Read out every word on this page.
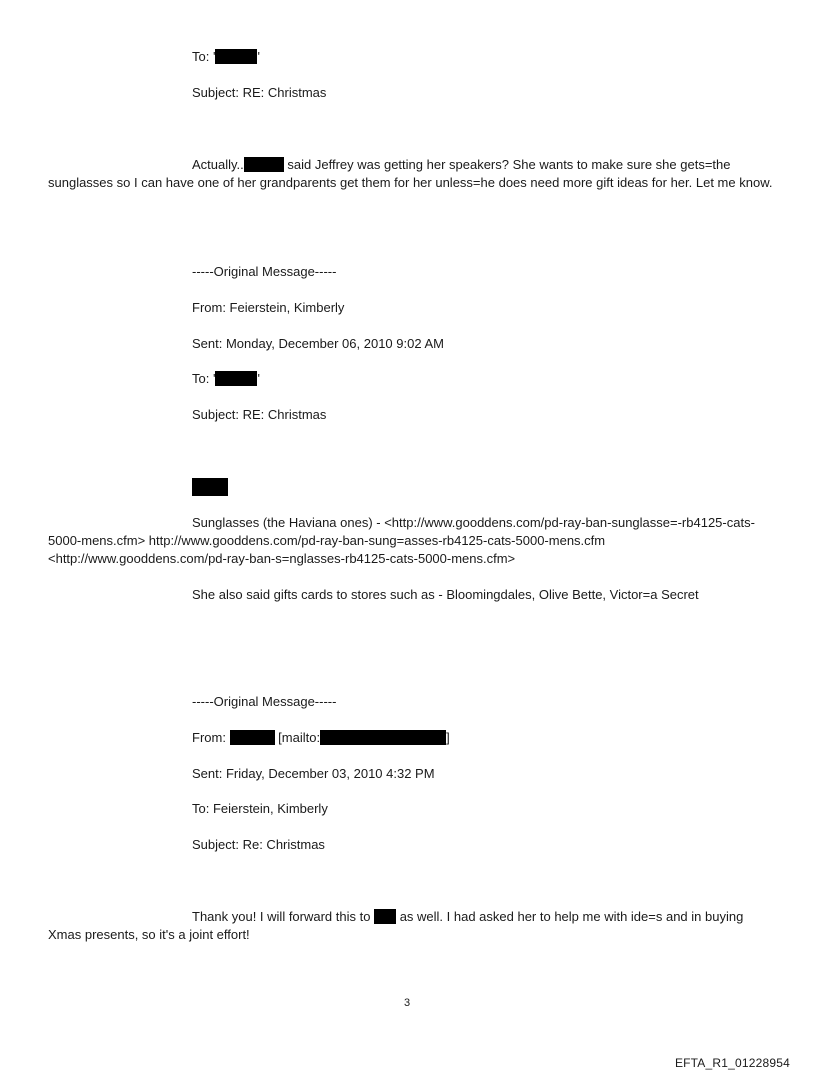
To: '	'
Subject: RE: Christmas
Actually..	said Jeffrey was getting her speakers? She wants to make sure she gets=the sunglasses so I can have one of her grandparents get them for her unless=he does need more gift ideas for her. Let me know.
-----Original Message-----
From: Feierstein, Kimberly
Sent: Monday, December 06, 2010 9:02 AM
To: '	'
Subject: RE: Christmas
Sunglasses (the Haviana ones) - <http://www.gooddens.com/pd-ray-ban-sunglasse=-rb4125-cats-5000-mens.cfm> http://www.gooddens.com/pd-ray-ban-sung=asses-rb4125-cats-5000-mens.cfm <http://www.gooddens.com/pd-ray-ban-s=nglasses-rb4125-cats-5000-mens.cfm>
She also said gifts cards to stores such as - Bloomingdales, Olive Bette, Victor=a Secret
-----Original Message-----
From:	[mailto:	]
Sent: Friday, December 03, 2010 4:32 PM
To: Feierstein, Kimberly
Subject: Re: Christmas
Thank you! I will forward this to  as well. I had asked her to help me with ide=s and in buying Xmas presents, so it's a joint effort!
3
EFTA_R1_01228954
